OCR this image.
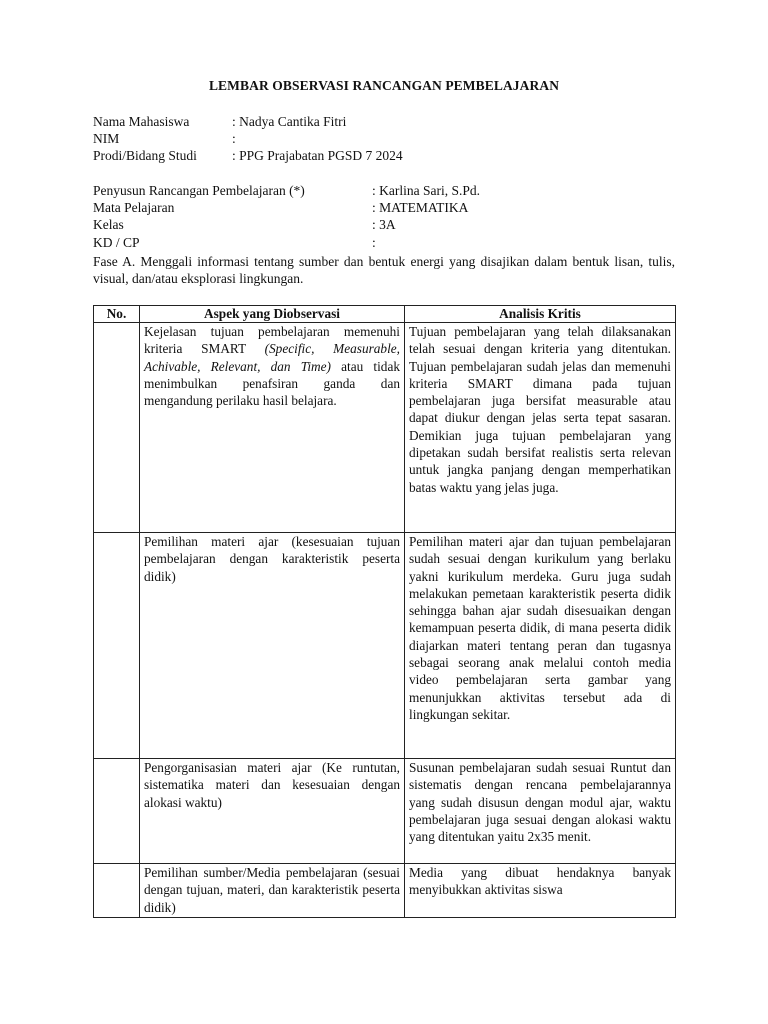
LEMBAR OBSERVASI RANCANGAN PEMBELAJARAN
Nama Mahasiswa	: Nadya Cantika Fitri
NIM	:
Prodi/Bidang Studi	: PPG Prajabatan PGSD 7 2024
Penyusun Rancangan Pembelajaran (*)	: Karlina Sari, S.Pd.
Mata Pelajaran	: MATEMATIKA
Kelas	: 3A
KD / CP	:
Fase A. Menggali informasi tentang sumber dan bentuk energi yang disajikan dalam bentuk lisan, tulis, visual, dan/atau eksplorasi lingkungan.
No.	Aspek yang Diobservasi	Analisis Kritis

	Kejelasan tujuan pembelajaran memenuhi kriteria SMART (Specific, Measurable, Achivable, Relevant, dan Time) atau tidak menimbulkan penafsiran ganda dan mengandung perilaku hasil belajara.	Tujuan pembelajaran yang telah dilaksanakan telah sesuai dengan kriteria yang ditentukan. Tujuan pembelajaran sudah jelas dan memenuhi kriteria SMART dimana pada tujuan pembelajaran juga bersifat measurable atau dapat diukur dengan jelas serta tepat sasaran. Demikian juga tujuan pembelajaran yang dipetakan sudah bersifat realistis serta relevan untuk jangka panjang dengan memperhatikan batas waktu yang jelas juga.
	Pemilihan materi ajar (kesesuaian tujuan pembelajaran dengan karakteristik peserta didik)	Pemilihan materi ajar dan tujuan pembelajaran sudah sesuai dengan kurikulum yang berlaku yakni kurikulum merdeka. Guru juga sudah melakukan pemetaan karakteristik peserta didik sehingga bahan ajar sudah disesuaikan dengan kemampuan peserta didik, di mana peserta didik diajarkan materi tentang peran dan tugasnya sebagai seorang anak melalui contoh media video pembelajaran serta gambar yang menunjukkan aktivitas tersebut ada di lingkungan sekitar.
	Pengorganisasian materi ajar (Ke runtutan, sistematika materi dan kesesuaian dengan alokasi waktu)	Susunan pembelajaran sudah sesuai Runtut dan sistematis dengan rencana pembelajarannya yang sudah disusun dengan modul ajar, waktu pembelajaran juga sesuai dengan alokasi waktu yang ditentukan yaitu 2x35 menit.
	Pemilihan sumber/Media pembelajaran (sesuai dengan tujuan, materi, dan karakteristik peserta didik)	Media yang dibuat hendaknya banyak menyibukkan aktivitas siswa
